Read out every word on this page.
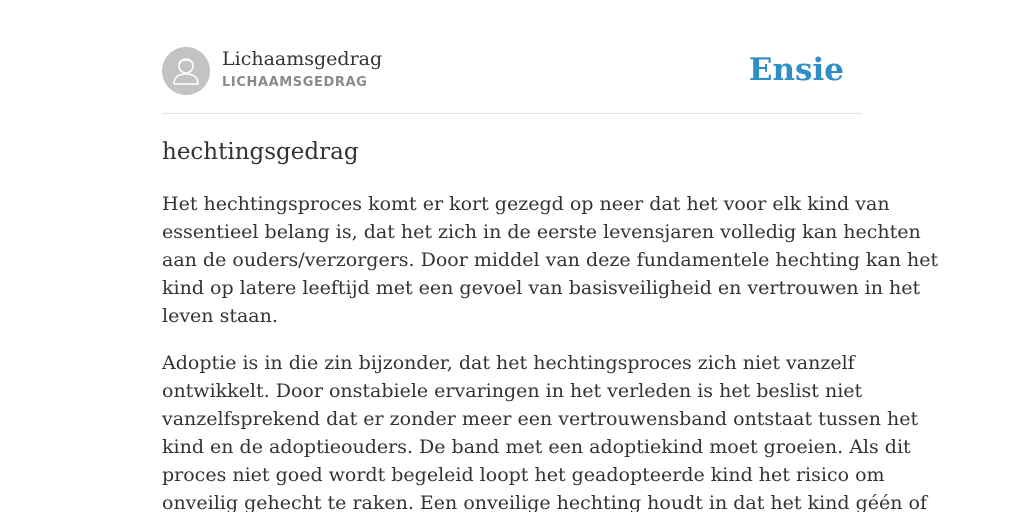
Lichaamsgedrag
LICHAAMSGEDRAG	Ensie
hechtingsgedrag

Het hechtingsproces komt er kort gezegd op neer dat het voor elk kind van
essentieel belang is, dat het zich in de eerste levensjaren volledig kan hechten
aan de ouders/verzorgers. Door middel van deze fundamentele hechting kan het
kind op latere leeftijd met een gevoel van basisveiligheid en vertrouwen in het
leven staan.

Adoptie is in die zin bijzonder, dat het hechtingsproces zich niet vanzelf
ontwikkelt. Door onstabiele ervaringen in het verleden is het beslist niet
vanzelfsprekend dat er zonder meer een vertrouwensband ontstaat tussen het
kind en de adoptieouders. De band met een adoptiekind moet groeien. Als dit
proces niet goed wordt begeleid loopt het geadopteerde kind het risico om
onveilig gehecht te raken. Een onveilige hechting houdt in dat het kind géén of
